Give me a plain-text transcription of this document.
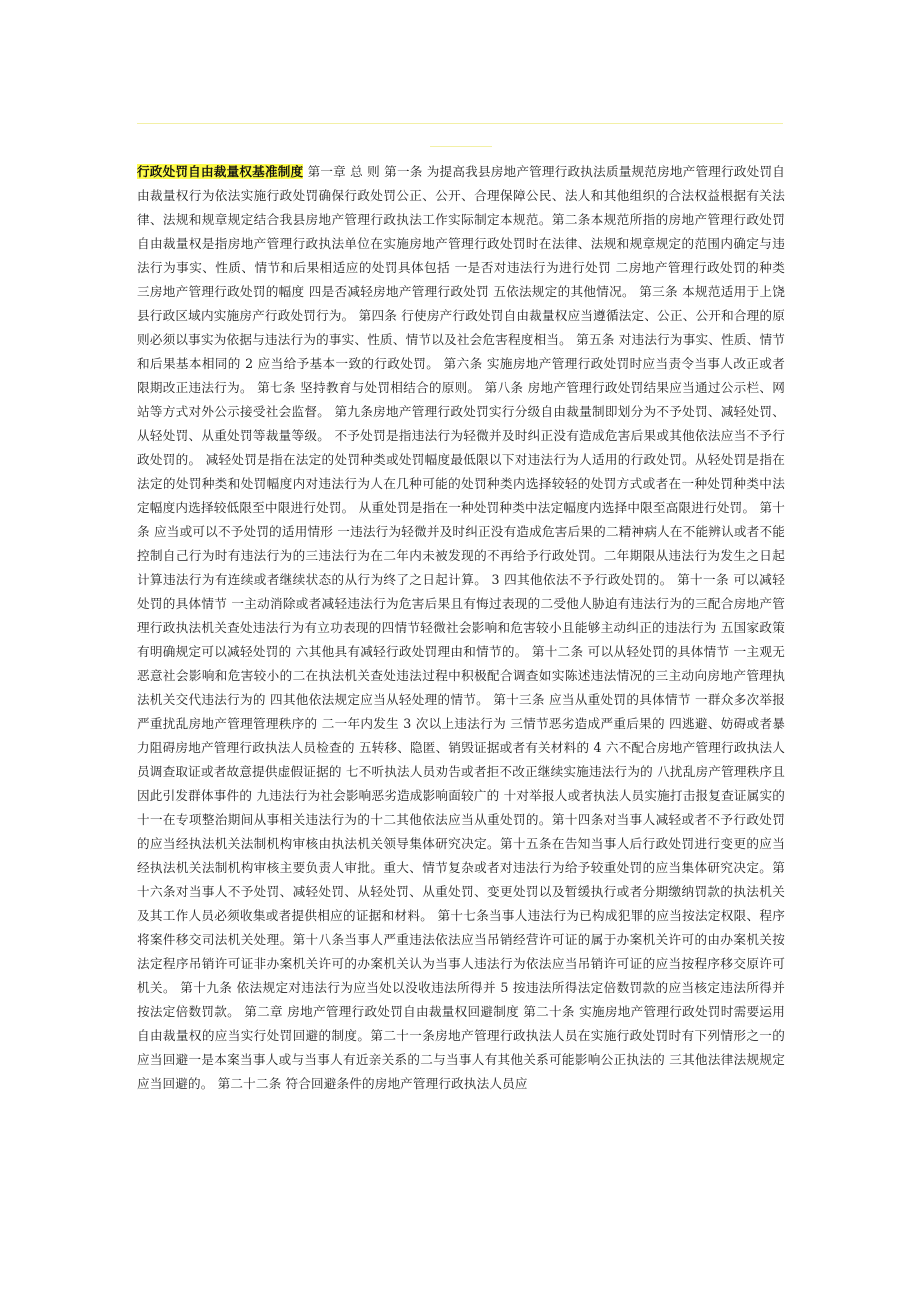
行政处罚自由裁量权基准制度 第一章 总 则 第一条 为提高我县房地产管理行政执法质量规范房地产管理行政处罚自由裁量权行为依法实施行政处罚确保行政处罚公正、公开、合理保障公民、法人和其他组织的合法权益根据有关法律、法规和规章规定结合我县房地产管理行政执法工作实际制定本规范。第二条本规范所指的房地产管理行政处罚自由裁量权是指房地产管理行政执法单位在实施房地产管理行政处罚时在法律、法规和规章规定的范围内确定与违法行为事实、性质、情节和后果相适应的处罚具体包括 一是否对违法行为进行处罚 二房地产管理行政处罚的种类 三房地产管理行政处罚的幅度 四是否减轻房地产管理行政处罚 五依法规定的其他情况。 第三条 本规范适用于上饶县行政区域内实施房产行政处罚行为。 第四条 行使房产行政处罚自由裁量权应当遵循法定、公正、公开和合理的原则必须以事实为依据与违法行为的事实、性质、情节以及社会危害程度相当。 第五条 对违法行为事实、性质、情节和后果基本相同的 2 应当给予基本一致的行政处罚。 第六条 实施房地产管理行政处罚时应当责令当事人改正或者限期改正违法行为。 第七条 坚持教育与处罚相结合的原则。 第八条 房地产管理行政处罚结果应当通过公示栏、网站等方式对外公示接受社会监督。 第九条房地产管理行政处罚实行分级自由裁量制即划分为不予处罚、减轻处罚、从轻处罚、从重处罚等裁量等级。 不予处罚是指违法行为轻微并及时纠正没有造成危害后果或其他依法应当不予行政处罚的。 减轻处罚是指在法定的处罚种类或处罚幅度最低限以下对违法行为人适用的行政处罚。从轻处罚是指在法定的处罚种类和处罚幅度内对违法行为人在几种可能的处罚种类内选择较轻的处罚方式或者在一种处罚种类中法定幅度内选择较低限至中限进行处罚。 从重处罚是指在一种处罚种类中法定幅度内选择中限至高限进行处罚。 第十条 应当或可以不予处罚的适用情形 一违法行为轻微并及时纠正没有造成危害后果的二精神病人在不能辨认或者不能控制自己行为时有违法行为的三违法行为在二年内未被发现的不再给予行政处罚。二年期限从违法行为发生之日起计算违法行为有连续或者继续状态的从行为终了之日起计算。 3 四其他依法不予行政处罚的。 第十一条 可以减轻处罚的具体情节 一主动消除或者减轻违法行为危害后果且有悔过表现的二受他人胁迫有违法行为的三配合房地产管理行政执法机关查处违法行为有立功表现的四情节轻微社会影响和危害较小且能够主动纠正的违法行为 五国家政策有明确规定可以减轻处罚的 六其他具有减轻行政处罚理由和情节的。 第十二条 可以从轻处罚的具体情节 一主观无恶意社会影响和危害较小的二在执法机关查处违法过程中积极配合调查如实陈述违法情况的三主动向房地产管理执法机关交代违法行为的 四其他依法规定应当从轻处理的情节。 第十三条 应当从重处罚的具体情节 一群众多次举报严重扰乱房地产管理管理秩序的 二一年内发生 3 次以上违法行为 三情节恶劣造成严重后果的 四逃避、妨碍或者暴力阻碍房地产管理行政执法人员检查的 五转移、隐匿、销毁证据或者有关材料的 4 六不配合房地产管理行政执法人员调查取证或者故意提供虚假证据的 七不听执法人员劝告或者拒不改正继续实施违法行为的 八扰乱房产管理秩序且因此引发群体事件的 九违法行为社会影响恶劣造成影响面较广的 十对举报人或者执法人员实施打击报复查证属实的十一在专项整治期间从事相关违法行为的十二其他依法应当从重处罚的。第十四条对当事人减轻或者不予行政处罚的应当经执法机关法制机构审核由执法机关领导集体研究决定。第十五条在告知当事人后行政处罚进行变更的应当经执法机关法制机构审核主要负责人审批。重大、情节复杂或者对违法行为给予较重处罚的应当集体研究决定。第十六条对当事人不予处罚、减轻处罚、从轻处罚、从重处罚、变更处罚以及暂缓执行或者分期缴纳罚款的执法机关及其工作人员必须收集或者提供相应的证据和材料。 第十七条当事人违法行为已构成犯罪的应当按法定权限、程序将案件移交司法机关处理。第十八条当事人严重违法依法应当吊销经营许可证的属于办案机关许可的由办案机关按法定程序吊销许可证非办案机关许可的办案机关认为当事人违法行为依法应当吊销许可证的应当按程序移交原许可机关。 第十九条 依法规定对违法行为应当处以没收违法所得并 5 按违法所得法定倍数罚款的应当核定违法所得并按法定倍数罚款。 第二章 房地产管理行政处罚自由裁量权回避制度 第二十条 实施房地产管理行政处罚时需要运用自由裁量权的应当实行处罚回避的制度。第二十一条房地产管理行政执法人员在实施行政处罚时有下列情形之一的应当回避一是本案当事人或与当事人有近亲关系的二与当事人有其他关系可能影响公正执法的 三其他法律法规规定应当回避的。 第二十二条 符合回避条件的房地产管理行政执法人员应
